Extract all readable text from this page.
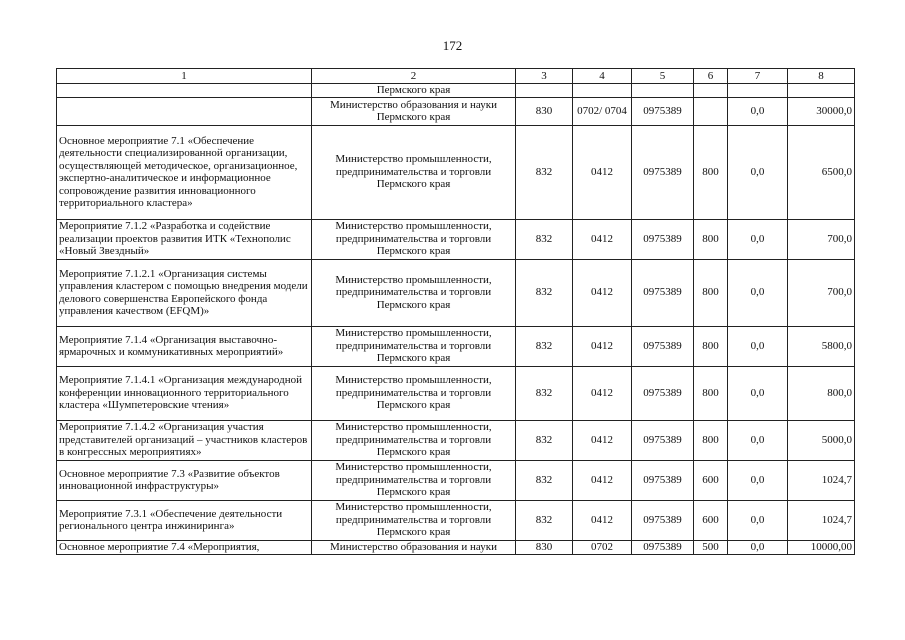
172
1	2	3	4	5	6	7	8
	Пермского края						
	Министерство образования и науки Пермского края	830	0702/ 0704	0975389		0,0	30000,0
Основное мероприятие 7.1 «Обеспечение деятельности специализированной организации, осуществляющей методическое, организационное, экспертно-аналитическое и информационное сопровождение развития инновационного территориального кластера»	Министерство промышленности, предпринимательства и торговли Пермского края	832	0412	0975389	800	0,0	6500,0
Мероприятие 7.1.2 «Разработка и содействие реализации проектов развития ИТК «Технополис «Новый Звездный»	Министерство промышленности, предпринимательства и торговли Пермского края	832	0412	0975389	800	0,0	700,0
Мероприятие 7.1.2.1 «Организация системы управления кластером с помощью внедрения модели делового совершенства Европейского фонда управления качеством (EFQM)»	Министерство промышленности, предпринимательства и торговли Пермского края	832	0412	0975389	800	0,0	700,0
Мероприятие 7.1.4 «Организация выставочно-ярмарочных и коммуникативных мероприятий»	Министерство промышленности, предпринимательства и торговли Пермского края	832	0412	0975389	800	0,0	5800,0
Мероприятие 7.1.4.1 «Организация международной конференции инновационного территориального кластера «Шумпетеровские чтения»	Министерство промышленности, предпринимательства и торговли Пермского края	832	0412	0975389	800	0,0	800,0
Мероприятие 7.1.4.2 «Организация участия представителей организаций – участников кластеров в конгрессных мероприятиях»	Министерство промышленности, предпринимательства и торговли Пермского края	832	0412	0975389	800	0,0	5000,0
Основное мероприятие 7.3 «Развитие объектов инновационной инфраструктуры»	Министерство промышленности, предпринимательства и торговли Пермского края	832	0412	0975389	600	0,0	1024,7
Мероприятие 7.3.1 «Обеспечение деятельности регионального центра инжиниринга»	Министерство промышленности, предпринимательства и торговли Пермского края	832	0412	0975389	600	0,0	1024,7
Основное мероприятие 7.4 «Мероприятия,	Министерство образования и науки	830	0702	0975389	500	0,0	10000,00
